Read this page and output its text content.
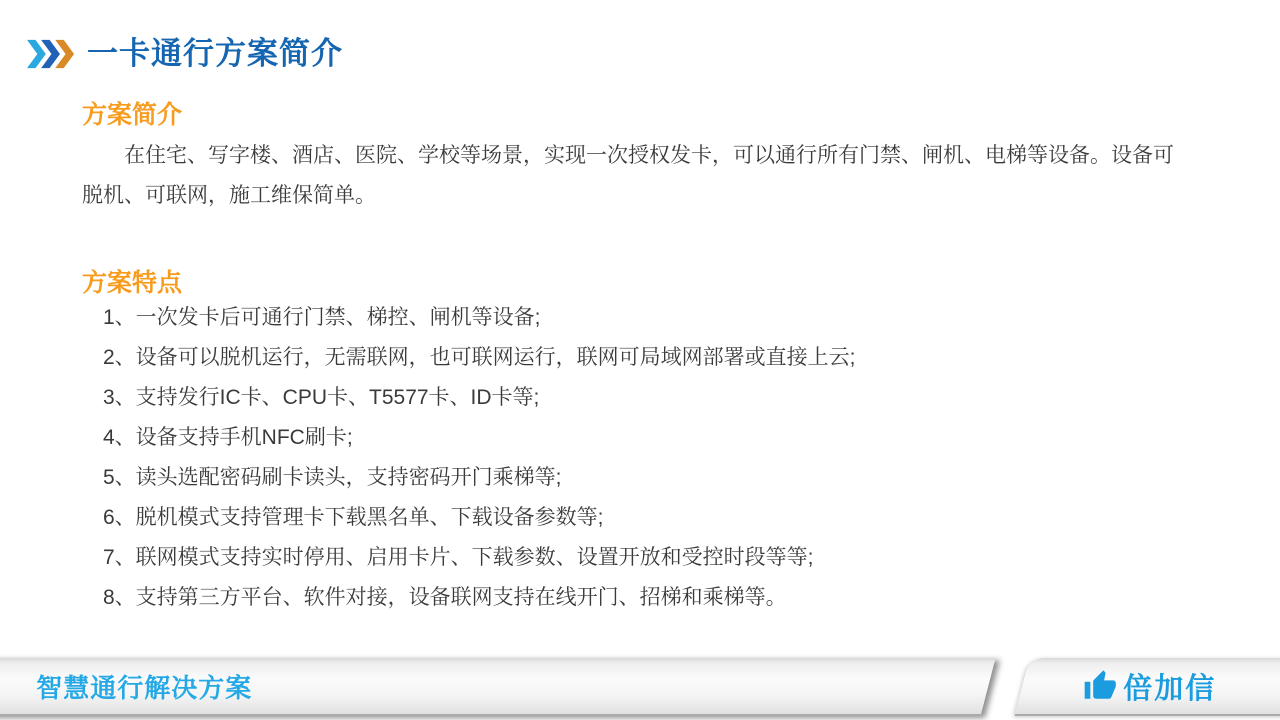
一卡通行方案简介
方案简介

在住宅、写字楼、酒店、医院、学校等场景，实现一次授权发卡，可以通行所有门禁、闸机、电梯等设备。设备可脱机、可联网，施工维保简单。

方案特点
1、一次发卡后可通行门禁、梯控、闸机等设备;
2、设备可以脱机运行，无需联网，也可联网运行，联网可局域网部署或直接上云;
3、支持发行IC卡、CPU卡、T5577卡、ID卡等;
4、设备支持手机NFC刷卡;
5、读头选配密码刷卡读头，支持密码开门乘梯等;
6、脱机模式支持管理卡下载黑名单、下载设备参数等;
7、联网模式支持实时停用、启用卡片、下载参数、设置开放和受控时段等等;
8、支持第三方平台、软件对接，设备联网支持在线开门、招梯和乘梯等。
智慧通行解决方案	倍加信
